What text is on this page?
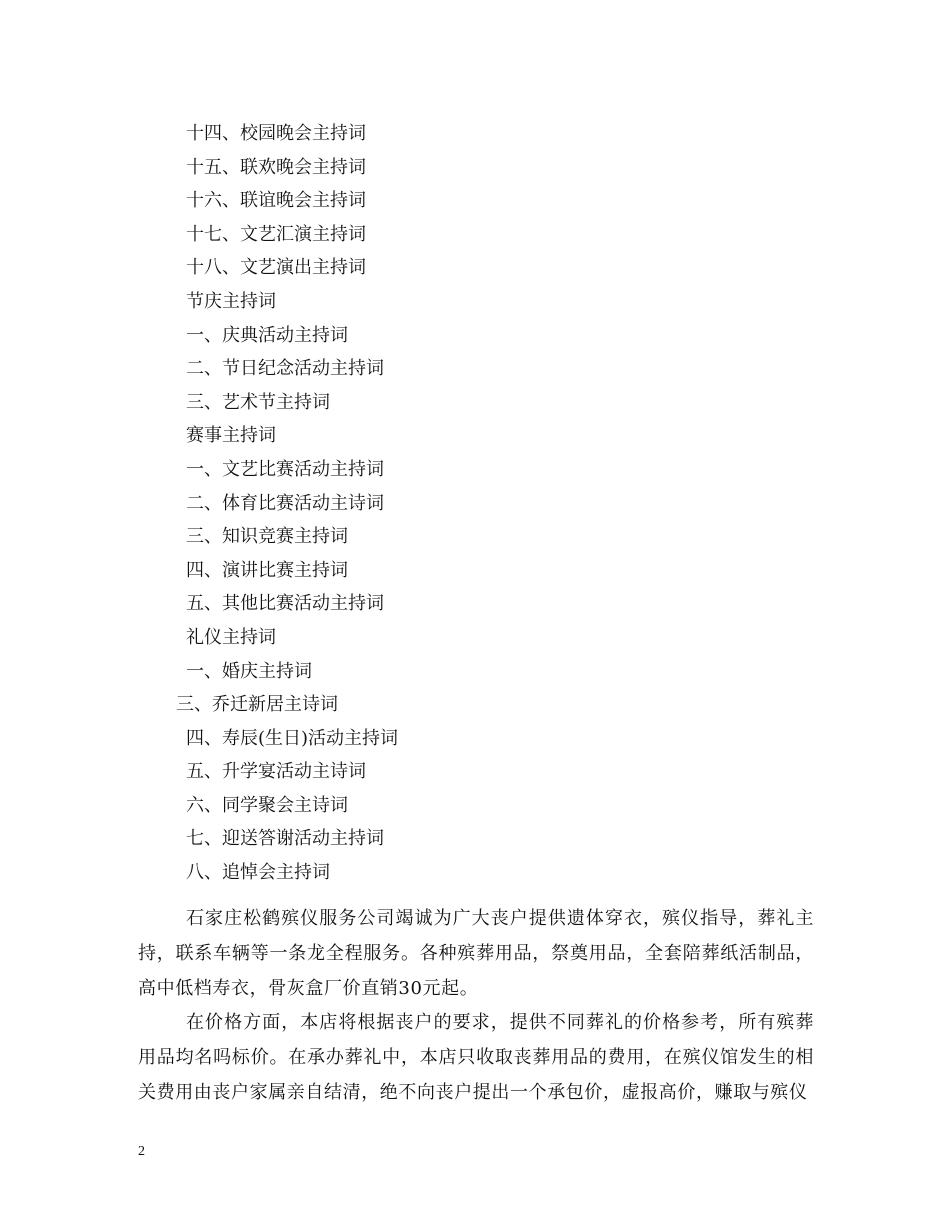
十四、校园晚会主持词
十五、联欢晚会主持词
十六、联谊晚会主持词
十七、文艺汇演主持词
十八、文艺演出主持词
节庆主持词
一、庆典活动主持词
二、节日纪念活动主持词
三、艺术节主持词
赛事主持词
一、文艺比赛活动主持词
二、体育比赛活动主诗词
三、知识竞赛主持词
四、演讲比赛主持词
五、其他比赛活动主持词
礼仪主持词
一、婚庆主持词
三、乔迁新居主诗词
四、寿辰(生日)活动主持词
五、升学宴活动主诗词
六、同学聚会主诗词
七、迎送答谢活动主持词
八、追悼会主持词

石家庄松鹤殡仪服务公司竭诚为广大丧户提供遗体穿衣，殡仪指导，葬礼主持，联系车辆等一条龙全程服务。各种殡葬用品，祭奠用品，全套陪葬纸活制品，高中低档寿衣，骨灰盒厂价直销30元起。

在价格方面，本店将根据丧户的要求，提供不同葬礼的价格参考，所有殡葬用品均名吗标价。在承办葬礼中，本店只收取丧葬用品的费用，在殡仪馆发生的相关费用由丧户家属亲自结清，绝不向丧户提出一个承包价，虚报高价，赚取与殡仪

2
